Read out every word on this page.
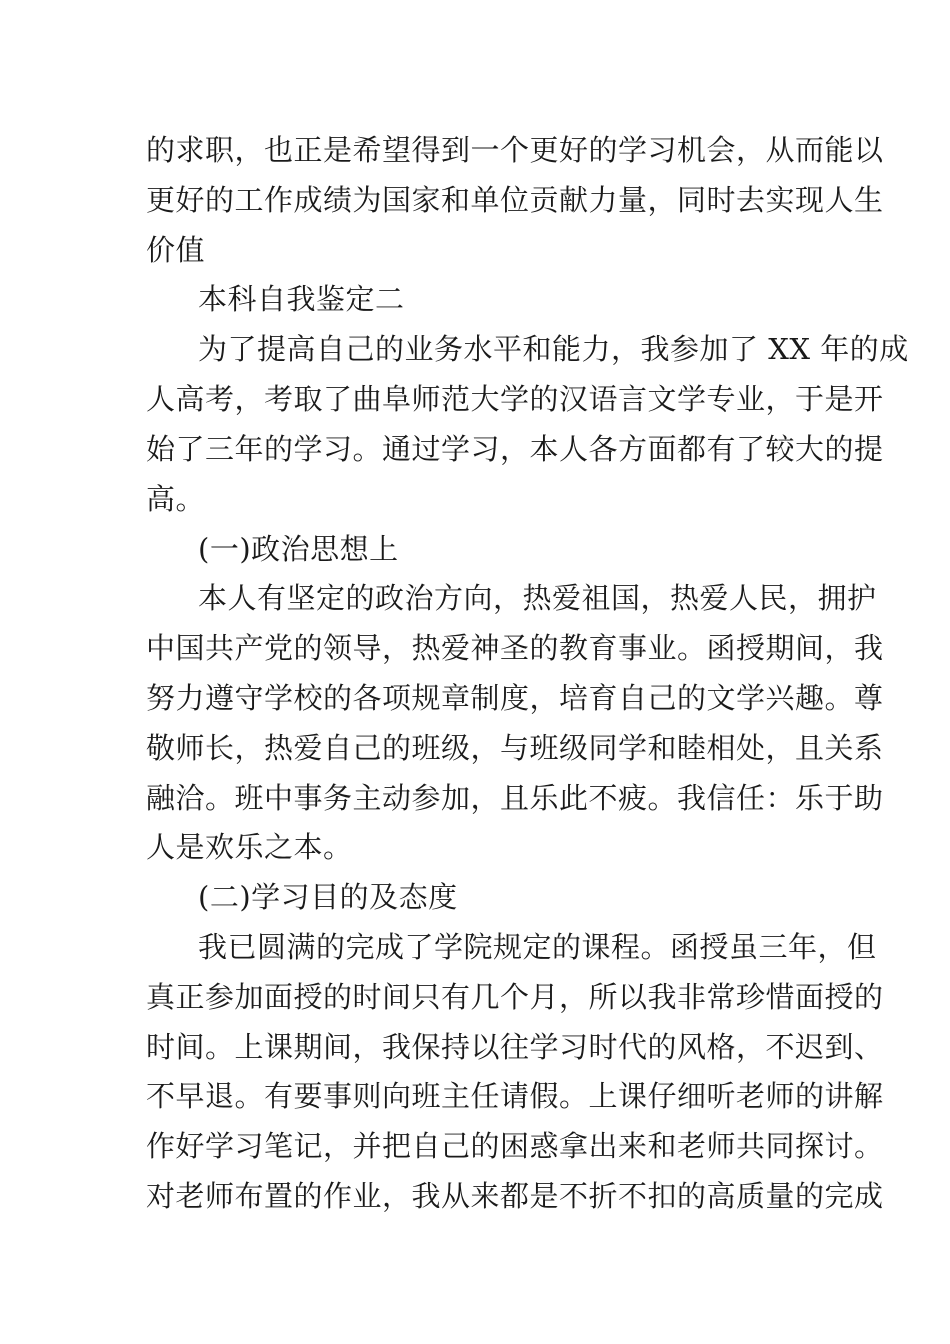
的求职，也正是希望得到一个更好的学习机会，从而能以
更好的工作成绩为国家和单位贡献力量，同时去实现人生
价值
本科自我鉴定二
为了提高自己的业务水平和能力，我参加了 XX 年的成
人高考，考取了曲阜师范大学的汉语言文学专业，于是开
始了三年的学习。通过学习，本人各方面都有了较大的提
高。
(一)政治思想上
本人有坚定的政治方向，热爱祖国，热爱人民，拥护
中国共产党的领导，热爱神圣的教育事业。函授期间，我
努力遵守学校的各项规章制度，培育自己的文学兴趣。尊
敬师长，热爱自己的班级，与班级同学和睦相处，且关系
融洽。班中事务主动参加，且乐此不疲。我信任：乐于助
人是欢乐之本。
(二)学习目的及态度
我已圆满的完成了学院规定的课程。函授虽三年，但
真正参加面授的时间只有几个月，所以我非常珍惜面授的
时间。上课期间，我保持以往学习时代的风格，不迟到、
不早退。有要事则向班主任请假。上课仔细听老师的讲解
作好学习笔记，并把自己的困惑拿出来和老师共同探讨。
对老师布置的作业，我从来都是不折不扣的高质量的完成
